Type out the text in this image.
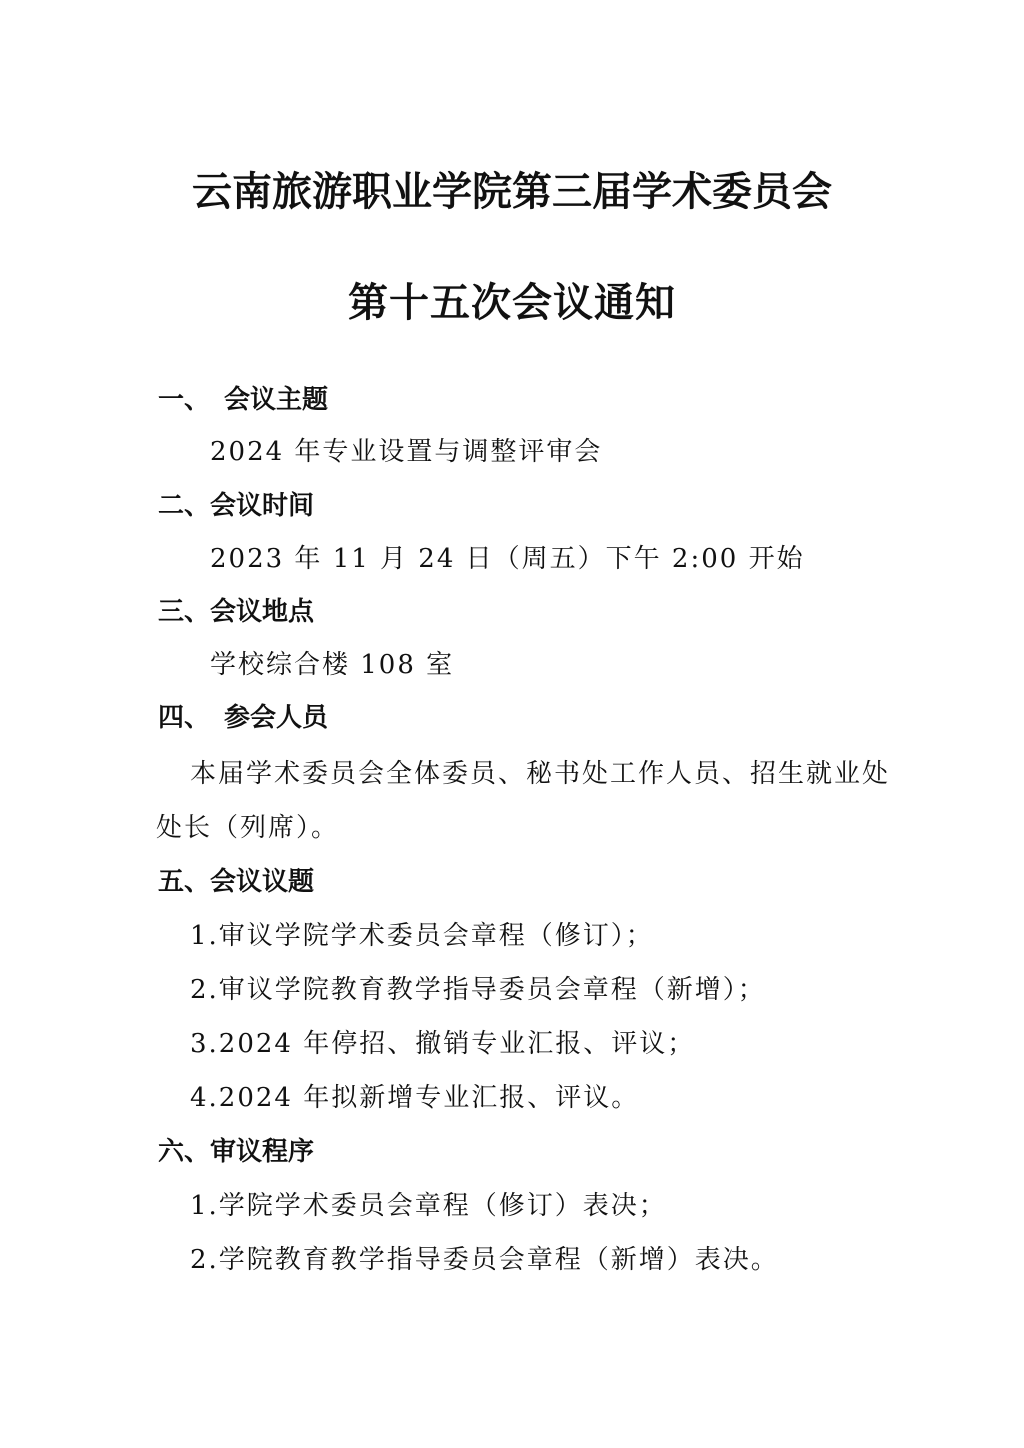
云南旅游职业学院第三届学术委员会
第十五次会议通知
一、 会议主题
2024 年专业设置与调整评审会
二、会议时间
2023 年 11 月 24 日（周五）下午 2:00 开始
三、会议地点
学校综合楼 108 室
四、 参会人员
本届学术委员会全体委员、秘书处工作人员、招生就业处
处长（列席）。
五、会议议题
1.审议学院学术委员会章程（修订）；
2.审议学院教育教学指导委员会章程（新增）；
3.2024 年停招、撤销专业汇报、评议；
4.2024 年拟新增专业汇报、评议。
六、审议程序
1.学院学术委员会章程（修订）表决；
2.学院教育教学指导委员会章程（新增）表决。
